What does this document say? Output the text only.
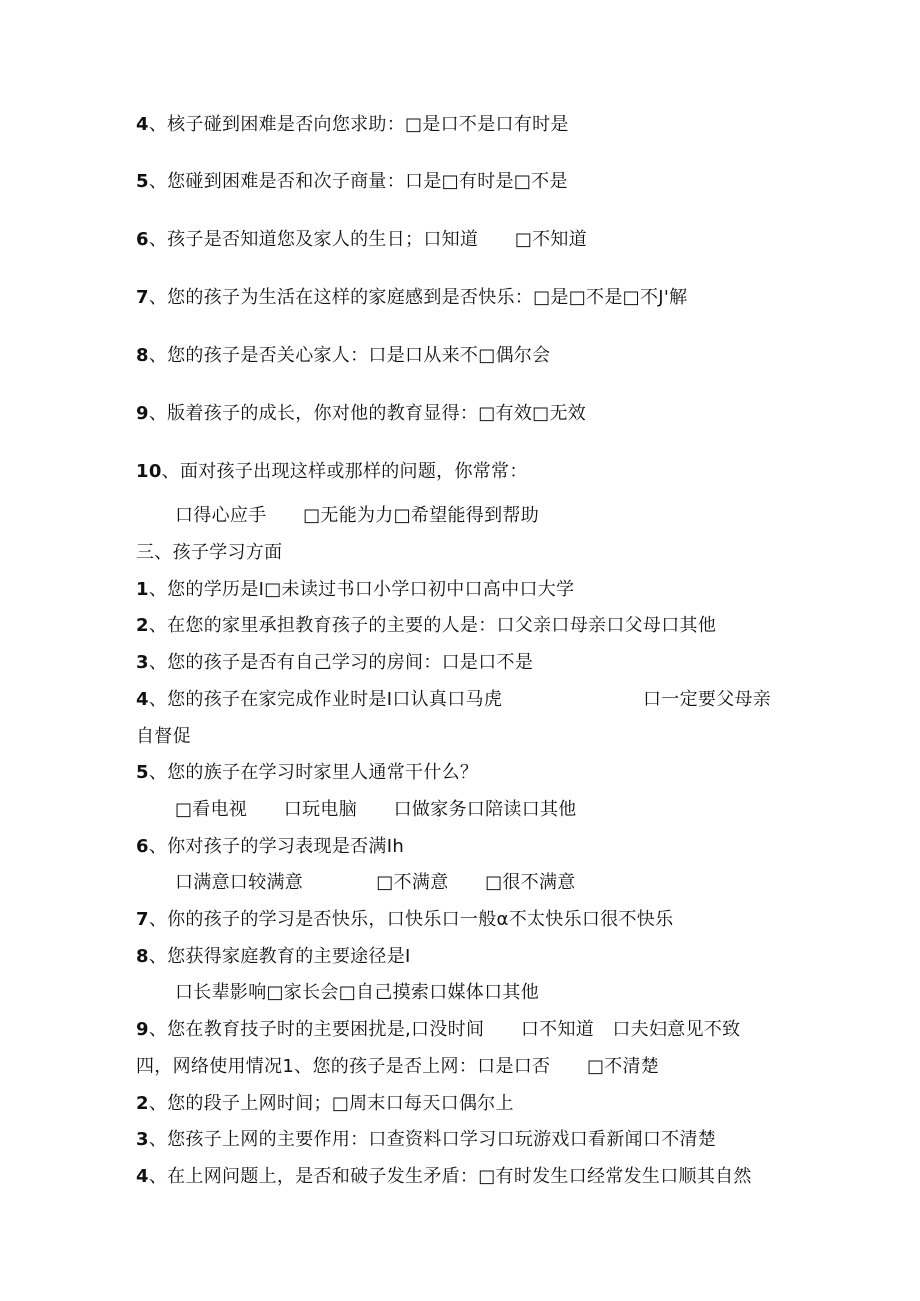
4、核子碰到困难是否向您求助：□是口不是口有时是
5、您碰到困难是否和次子商量：口是□有时是□不是
6、孩子是否知道您及家人的生日；口知道　　□不知道
7、您的孩子为生活在这样的家庭感到是否快乐：□是□不是□不J'解
8、您的孩子是否关心家人：口是口从来不□偶尔会
9、版着孩子的成长，你对他的教育显得：□有效□无效
10、面对孩子出现这样或那样的问题，你常常：
口得心应手　　□无能为力□希望能得到帮助
三、孩子学习方面
1、您的学历是I□未读过书口小学口初中口高中口大学
2、在您的家里承担教育孩子的主要的人是：口父亲口母亲口父母口其他
3、您的孩子是否有自己学习的房间：口是口不是
4、您的孩子在家完成作业时是I口认真口马虎	口一定要父母亲
自督促
5、您的族子在学习时家里人通常干什么？
□看电视　　口玩电脑　　口做家务口陪读口其他
6、你对孩子的学习表现是否满Ih
口满意口较满意　　　　□不满意　　□很不满意
7、你的孩子的学习是否快乐，口快乐口一般α不太快乐口很不快乐
8、您获得家庭教育的主要途径是I
口长辈影响□家长会□自己摸索口媒体口其他
9、您在教育技子时的主要困扰是,口没时间　　口不知道　口夫妇意见不致
四，网络使用情况1、您的孩子是否上网：口是口否　　□不清楚
2、您的段子上网时间；□周末口每天口偶尔上
3、您孩子上网的主要作用：口查资料口学习口玩游戏口看新闻口不清楚
4、在上网问题上，是否和破子发生矛盾：□有时发生口经常发生口顺其自然
